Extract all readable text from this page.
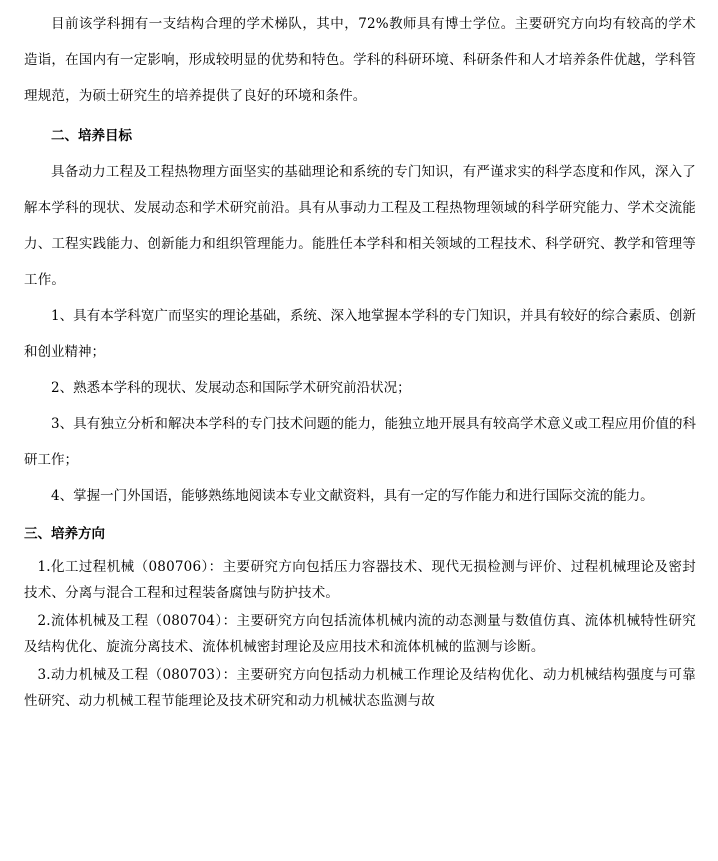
目前该学科拥有一支结构合理的学术梯队，其中，72%教师具有博士学位。主要研究方向均有较高的学术造诣，在国内有一定影响，形成较明显的优势和特色。学科的科研环境、科研条件和人才培养条件优越，学科管理规范，为硕士研究生的培养提供了良好的环境和条件。

二、培养目标

具备动力工程及工程热物理方面坚实的基础理论和系统的专门知识，有严谨求实的科学态度和作风，深入了解本学科的现状、发展动态和学术研究前沿。具有从事动力工程及工程热物理领域的科学研究能力、学术交流能力、工程实践能力、创新能力和组织管理能力。能胜任本学科和相关领域的工程技术、科学研究、教学和管理等工作。

1、具有本学科宽广而坚实的理论基础，系统、深入地掌握本学科的专门知识，并具有较好的综合素质、创新和创业精神；

2、熟悉本学科的现状、发展动态和国际学术研究前沿状况；

3、具有独立分析和解决本学科的专门技术问题的能力，能独立地开展具有较高学术意义或工程应用价值的科研工作；

4、掌握一门外国语，能够熟练地阅读本专业文献资料，具有一定的写作能力和进行国际交流的能力。

三、培养方向

1.化工过程机械（080706）：主要研究方向包括压力容器技术、现代无损检测与评价、过程机械理论及密封技术、分离与混合工程和过程装备腐蚀与防护技术。

2.流体机械及工程（080704）：主要研究方向包括流体机械内流的动态测量与数值仿真、流体机械特性研究及结构优化、旋流分离技术、流体机械密封理论及应用技术和流体机械的监测与诊断。

3.动力机械及工程（080703）：主要研究方向包括动力机械工作理论及结构优化、动力机械结构强度与可靠性研究、动力机械工程节能理论及技术研究和动力机械状态监测与故
